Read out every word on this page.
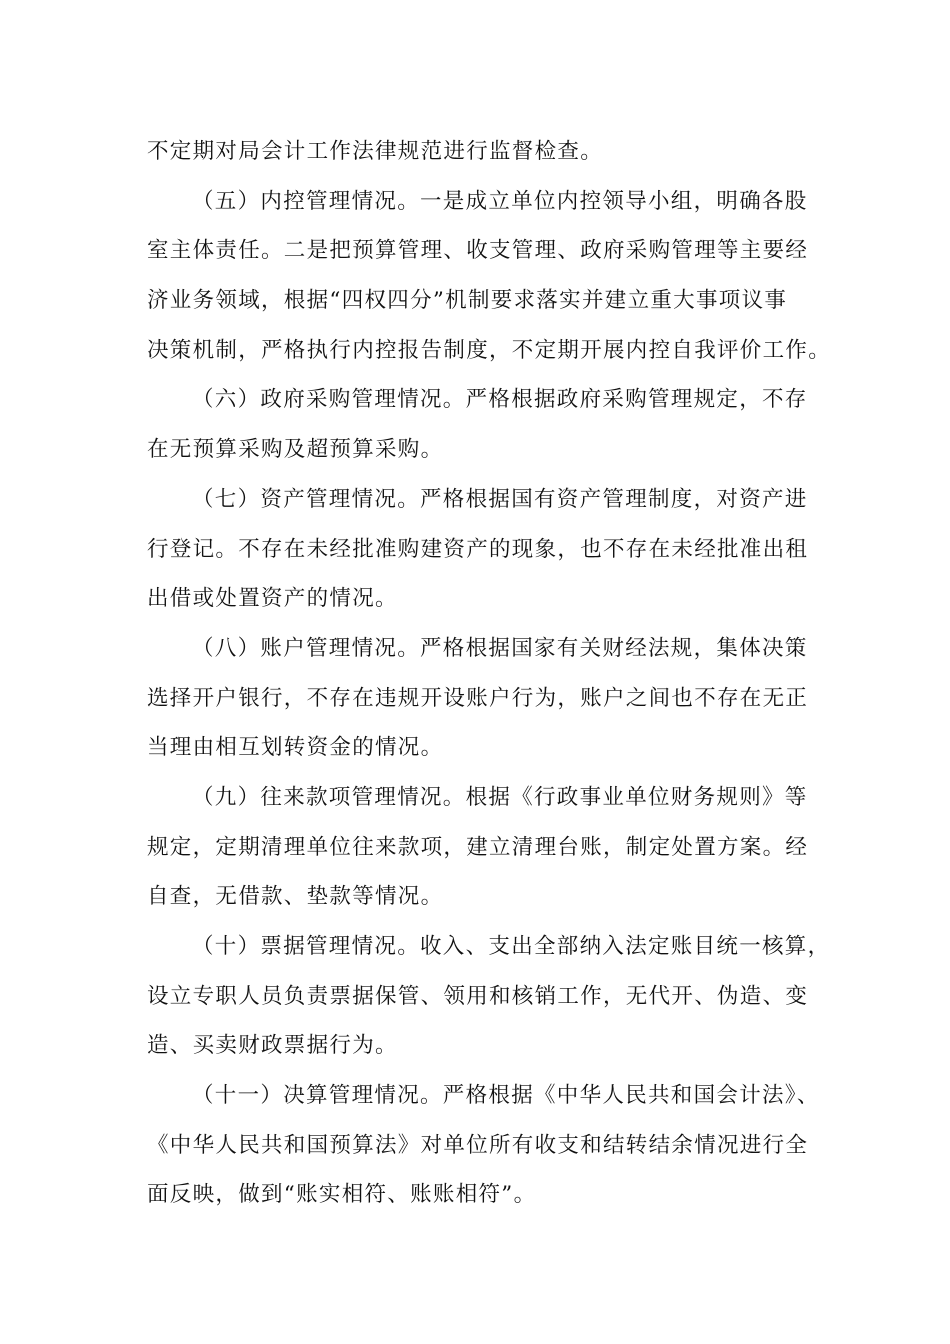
不定期对局会计工作法律规范进行监督检查。
（五）内控管理情况。一是成立单位内控领导小组，明确各股
室主体责任。二是把预算管理、收支管理、政府采购管理等主要经
济业务领域，根据“四权四分”机制要求落实并建立重大事项议事
决策机制，严格执行内控报告制度，不定期开展内控自我评价工作。
（六）政府采购管理情况。严格根据政府采购管理规定，不存
在无预算采购及超预算采购。
（七）资产管理情况。严格根据国有资产管理制度，对资产进
行登记。不存在未经批准购建资产的现象，也不存在未经批准出租
出借或处置资产的情况。
（八）账户管理情况。严格根据国家有关财经法规，集体决策
选择开户银行，不存在违规开设账户行为，账户之间也不存在无正
当理由相互划转资金的情况。
（九）往来款项管理情况。根据《行政事业单位财务规则》等
规定，定期清理单位往来款项，建立清理台账，制定处置方案。经
自查，无借款、垫款等情况。
（十）票据管理情况。收入、支出全部纳入法定账目统一核算，
设立专职人员负责票据保管、领用和核销工作，无代开、伪造、变
造、买卖财政票据行为。
（十一）决算管理情况。严格根据《中华人民共和国会计法》、
《中华人民共和国预算法》对单位所有收支和结转结余情况进行全
面反映，做到“账实相符、账账相符”。
